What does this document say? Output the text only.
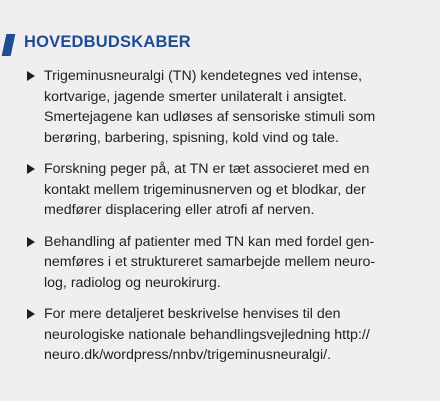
HOVEDBUDSKABER
Trigeminusneuralgi (TN) kendetegnes ved intense,
kortvarige, jagende smerter unilateralt i ansigtet.
Smertejagene kan udløses af sensoriske stimuli som
berøring, barbering, spisning, kold vind og tale.
Forskning peger på, at TN er tæt associeret med en
kontakt mellem trigeminusnerven og et blodkar, der
medfører displacering eller atrofi af nerven.
Behandling af patienter med TN kan med fordel gen-
nemføres i et struktureret samarbejde mellem neuro-
log, radiolog og neurokirurg.
For mere detaljeret beskrivelse henvises til den
neurologiske nationale behandlingsvejledning http://
neuro.dk/wordpress/nnbv/trigeminusneuralgi/.
